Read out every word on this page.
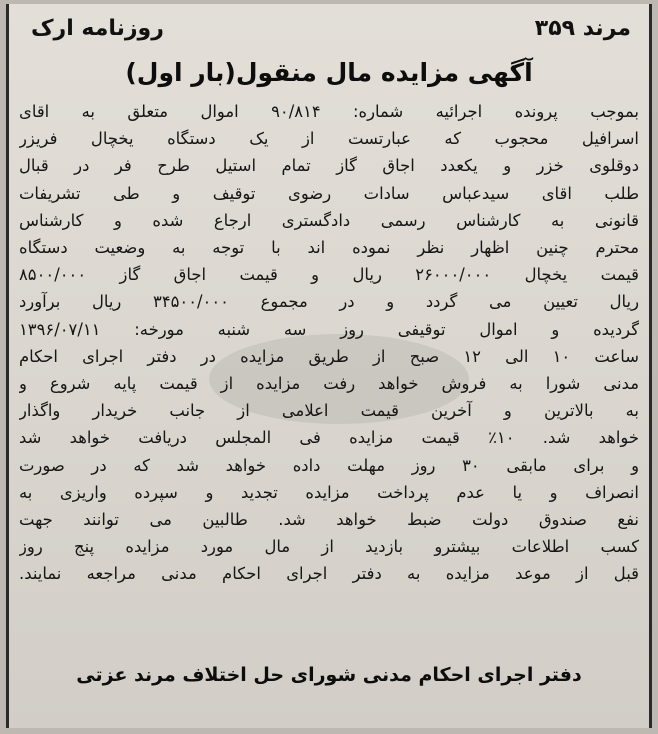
مرند ۳۵۹
روزنامه ارک
آگهی مزایده مال منقول(بار اول)
بموجب پرونده اجرائیه شماره: ۹۰/۸۱۴ اموال متعلق به اقای
اسرافیل محجوب که عبارتست از یک دستگاه یخچال فریزر
دوقلوی خزر و یکعدد اجاق گاز تمام استیل طرح فر در قبال
طلب اقای سیدعباس سادات رضوی توقیف و طی تشریفات
قانونی به کارشناس رسمی دادگستری ارجاع شده و کارشناس
محترم چنین اظهار نظر نموده اند با توجه به وضعیت دستگاه
قیمت یخچال ۲۶۰۰۰/۰۰۰ ریال و قیمت اجاق گاز ۸۵۰۰/۰۰۰
ریال تعیین می گردد و در مجموع ۳۴۵۰۰/۰۰۰ ریال برآورد
گردیده و اموال توقیفی روز سه شنبه مورخه: ۱۳۹۶/۰۷/۱۱
ساعت ۱۰ الی ۱۲ صبح از طریق مزایده در دفتر اجرای احکام
مدنی شورا به فروش خواهد رفت مزایده از قیمت پایه شروع و
به بالاترین و آخرین قیمت اعلامی از جانب خریدار واگذار
خواهد شد. ۱۰٪ قیمت مزایده فی المجلس دریافت خواهد شد
و برای مابقی ۳۰ روز مهلت داده خواهد شد که در صورت
انصراف و یا عدم پرداخت مزایده تجدید و سپرده واریزی به
نفع صندوق دولت ضبط خواهد شد. طالبین می توانند جهت
کسب اطلاعات بیشترو بازدید از مال مورد مزایده پنج روز
قبل از موعد مزایده به دفتر اجرای احکام مدنی مراجعه نمایند.
دفتر اجرای احکام مدنی شورای حل اختلاف مرند عزتی
